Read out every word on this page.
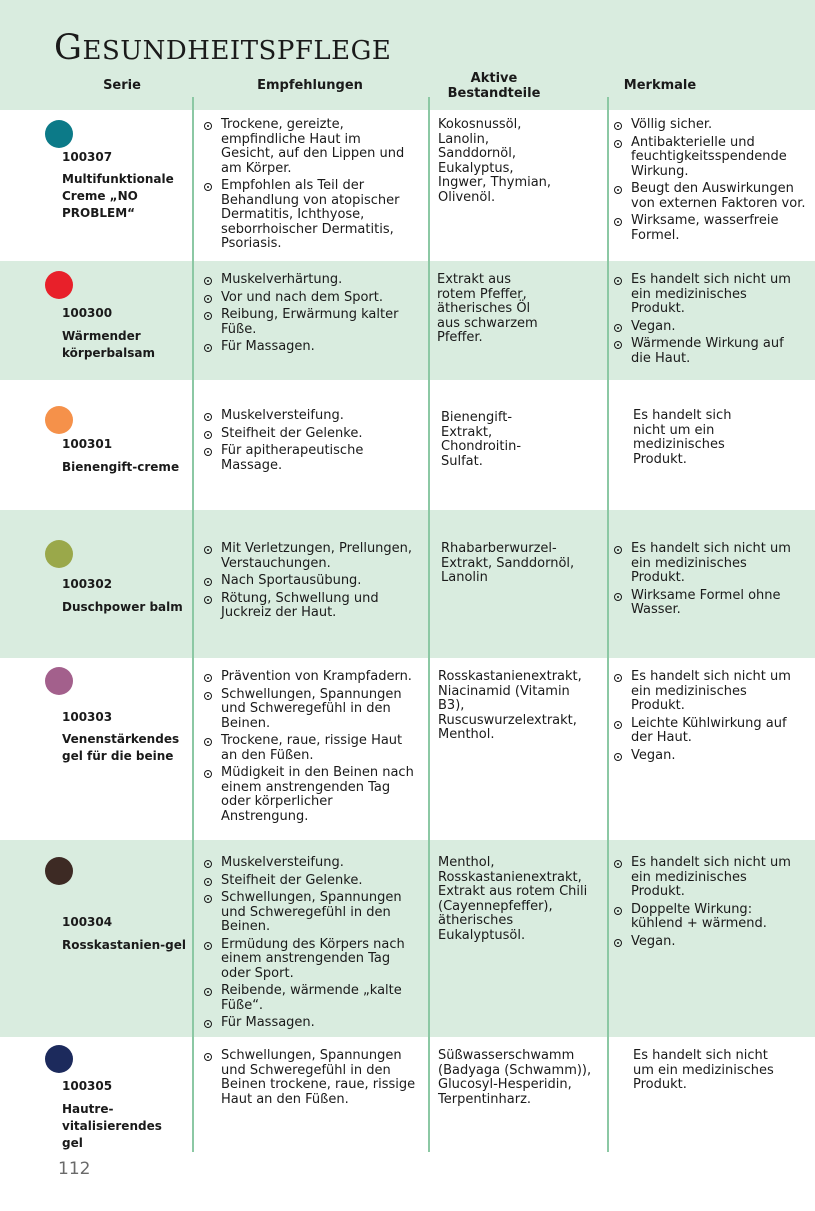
GESUNDHEITSPFLEGE
Serie	Empfehlungen	Aktive
Bestandteile
Merkmale
100307
Multifunktionale Creme „NO PROBLEM“
Trockene, gereizte, empfindliche Haut im Gesicht, auf den Lippen und am Körper.
Empfohlen als Teil der Behandlung von atopischer Dermatitis, Ichthyose, seborrhoischer Dermatitis, Psoriasis.
Kokosnussöl, Lanolin, Sanddornöl, Eukalyptus, Ingwer, Thymian, Olivenöl.
Völlig sicher.
Antibakterielle und feuchtigkeitsspendende Wirkung.
Beugt den Auswirkungen von externen Faktoren vor.
Wirksame, wasserfreie Formel.
100300
Wärmender körperbalsam
Muskelverhärtung.
Vor und nach dem Sport.
Reibung, Erwärmung kalter Füße.
Für Massagen.
Extrakt aus rotem Pfeffer, ätherisches Öl aus schwarzem Pfeffer.
Es handelt sich nicht um ein medizinisches Produkt.
Vegan.
Wärmende Wirkung auf die Haut.
100301
Bienengift-creme
Muskelversteifung.
Steifheit der Gelenke.
Für apitherapeutische Massage.
Bienengift-Extrakt, Chondroitin-Sulfat.
Es handelt sich nicht um ein medizinisches Produkt.
100302
Duschpower balm
Mit Verletzungen, Prellungen, Verstauchungen.
Nach Sportausübung.
Rötung, Schwellung und Juckreiz der Haut.
Rhabarberwurzel-Extrakt, Sanddornöl, Lanolin
Es handelt sich nicht um ein medizinisches Produkt.
Wirksame Formel ohne Wasser.
100303
Venenstärkendes gel für die beine
Prävention von Krampfadern.
Schwellungen, Spannungen und Schweregefühl in den Beinen.
Trockene, raue, rissige Haut an den Füßen.
Müdigkeit in den Beinen nach einem anstrengenden Tag oder körperlicher Anstrengung.
Rosskastanienextrakt, Niacinamid (Vitamin B3), Ruscuswurzelextrakt, Menthol.
Es handelt sich nicht um ein medizinisches Produkt.
Leichte Kühlwirkung auf der Haut.
Vegan.
100304
Rosskastanien-gel
Muskelversteifung.
Steifheit der Gelenke.
Schwellungen, Spannungen und Schweregefühl in den Beinen.
Ermüdung des Körpers nach einem anstrengenden Tag oder Sport.
Reibende, wärmende „kalte Füße“.
Für Massagen.
Menthol, Rosskastanienextrakt, Extrakt aus rotem Chili (Cayennepfeffer), ätherisches Eukalyptusöl.
Es handelt sich nicht um ein medizinisches Produkt.
Doppelte Wirkung: kühlend + wärmend.
Vegan.
100305
Hautre-vitalisierendes gel
Schwellungen, Spannungen und Schweregefühl in den Beinen trockene, raue, rissige Haut an den Füßen.
Süßwasserschwamm (Badyaga (Schwamm)), Glucosyl-Hesperidin, Terpentinharz.
Es handelt sich nicht um ein medizinisches Produkt.
112
